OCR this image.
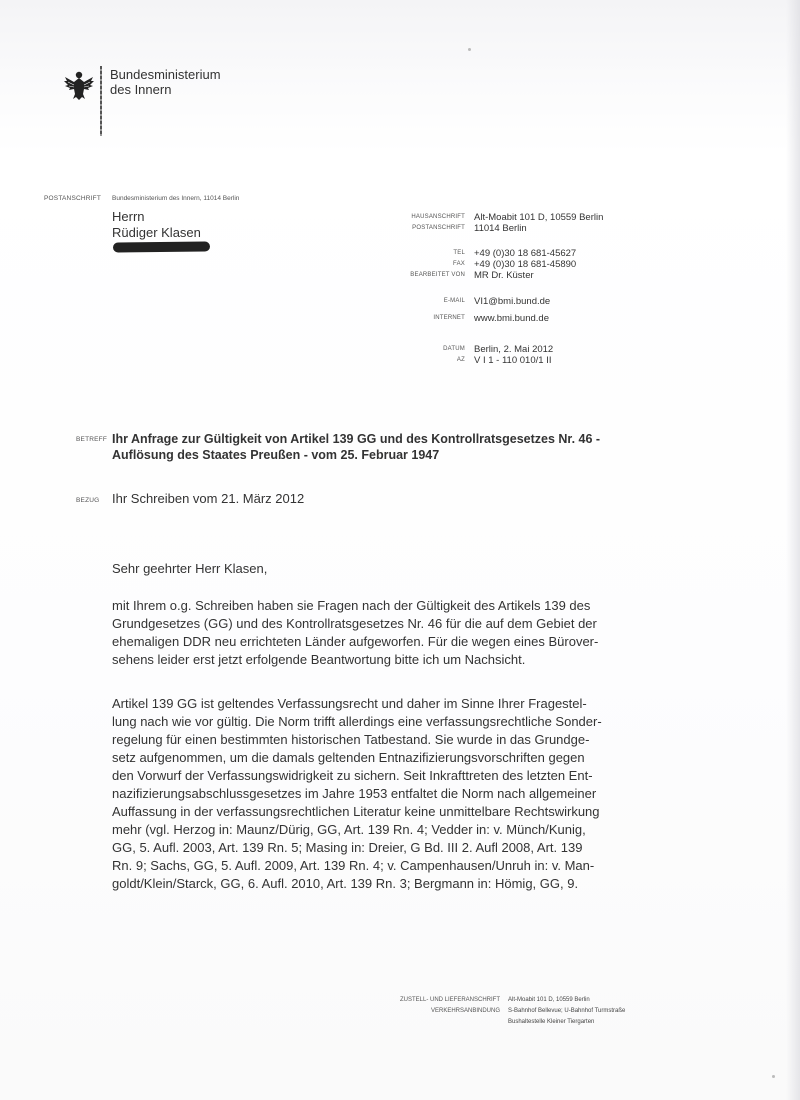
Bundesministerium
des Innern
POSTANSCHRIFT Bundesministerium des Innern, 11014 Berlin
Herrn
Rüdiger Klasen
HAUSANSCHRIFT Alt-Moabit 101 D, 10559 Berlin
POSTANSCHRIFT 11014 Berlin
TEL +49 (0)30 18 681-45627
FAX +49 (0)30 18 681-45890
BEARBEITET VON MR Dr. Küster
E-MAIL VI1@bmi.bund.de
INTERNET www.bmi.bund.de
DATUM Berlin, 2. Mai 2012
AZ V I 1 - 110 010/1 II
BETREFF Ihr Anfrage zur Gültigkeit von Artikel 139 GG und des Kontrollratsgesetzes Nr. 46 -
Auflösung des Staates Preußen - vom 25. Februar 1947
BEZUG Ihr Schreiben vom 21. März 2012
Sehr geehrter Herr Klasen,
mit Ihrem o.g. Schreiben haben sie Fragen nach der Gültigkeit des Artikels 139 des
Grundgesetzes (GG) und des Kontrollratsgesetzes Nr. 46 für die auf dem Gebiet der
ehemaligen DDR neu errichteten Länder aufgeworfen. Für die wegen eines Bürover-
sehens leider erst jetzt erfolgende Beantwortung bitte ich um Nachsicht.
Artikel 139 GG ist geltendes Verfassungsrecht und daher im Sinne Ihrer Fragestel-
lung nach wie vor gültig. Die Norm trifft allerdings eine verfassungsrechtliche Sonder-
regelung für einen bestimmten historischen Tatbestand. Sie wurde in das Grundge-
setz aufgenommen, um die damals geltenden Entnazifizierungsvorschriften gegen
den Vorwurf der Verfassungswidrigkeit zu sichern. Seit Inkrafttreten des letzten Ent-
nazifizierungsabschlussgesetzes im Jahre 1953 entfaltet die Norm nach allgemeiner
Auffassung in der verfassungsrechtlichen Literatur keine unmittelbare Rechtswirkung
mehr (vgl. Herzog in: Maunz/Dürig, GG, Art. 139 Rn. 4; Vedder in: v. Münch/Kunig,
GG, 5. Aufl. 2003, Art. 139 Rn. 5; Masing in: Dreier, G Bd. III 2. Aufl 2008, Art. 139
Rn. 9; Sachs, GG, 5. Aufl. 2009, Art. 139 Rn. 4; v. Campenhausen/Unruh in: v. Man-
goldt/Klein/Starck, GG, 6. Aufl. 2010, Art. 139 Rn. 3; Bergmann in: Hömig, GG, 9.
ZUSTELL- UND LIEFERANSCHRIFT Alt-Moabit 101 D, 10559 Berlin
VERKEHRSANBINDUNG S-Bahnhof Bellevue; U-Bahnhof Turmstraße
Bushaltestelle Kleiner Tiergarten
